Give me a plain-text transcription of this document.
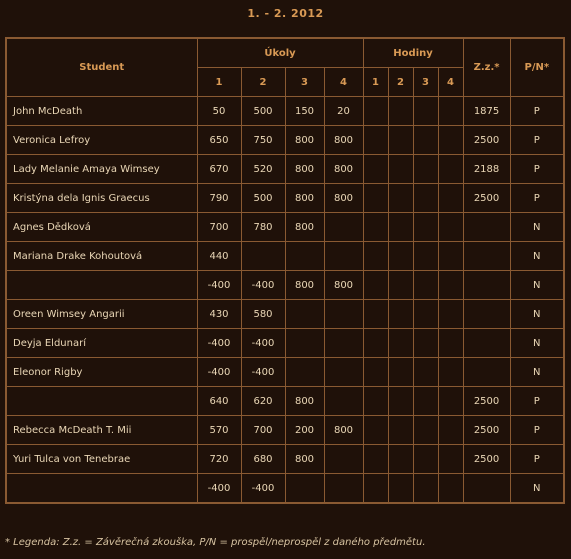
1. - 2. 2012
Student	Úkoly				Hodiny				Z.z.*	P/N*
	1	2	3	4	1	2	3	4		
John McDeath	50	500	150	20					1875	P
Veronica Lefroy	650	750	800	800					2500	P
Lady Melanie Amaya Wimsey	670	520	800	800					2188	P
Kristýna dela Ignis Graecus	790	500	800	800					2500	P
Agnes Dědková	700	780	800							N
Mariana Drake Kohoutová	440									N
	-400	-400	800	800						N
Oreen Wimsey Angarii	430	580								N
Deyja Eldunarí	-400	-400								N
Eleonor Rigby	-400	-400								N
	640	620	800						2500	P
Rebecca McDeath T. Mii	570	700	200	800					2500	P
Yuri Tulca von Tenebrae	720	680	800						2500	P
	-400	-400								N
* Legenda: Z.z. = Závěrečná zkouška, P/N = prospěl/neprospěl z daného předmětu.
